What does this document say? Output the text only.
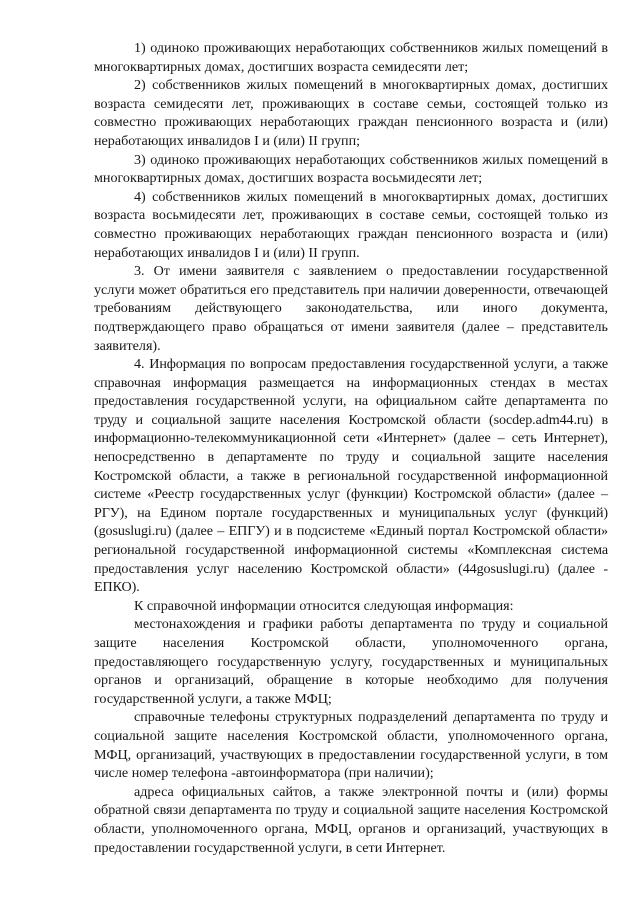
1) одиноко проживающих неработающих собственников жилых помещений в многоквартирных домах, достигших возраста семидесяти лет;

2) собственников жилых помещений в многоквартирных домах, достигших возраста семидесяти лет, проживающих в составе семьи, состоящей только из совместно проживающих неработающих граждан пенсионного возраста и (или) неработающих инвалидов I и (или) II групп;

3) одиноко проживающих неработающих собственников жилых помещений в многоквартирных домах, достигших возраста восьмидесяти лет;

4) собственников жилых помещений в многоквартирных домах, достигших возраста восьмидесяти лет, проживающих в составе семьи, состоящей только из совместно проживающих неработающих граждан пенсионного возраста и (или) неработающих инвалидов I и (или) II групп.

3. От имени заявителя с заявлением о предоставлении государственной услуги может обратиться его представитель при наличии доверенности, отвечающей требованиям действующего законодательства, или иного документа, подтверждающего право обращаться от имени заявителя (далее – представитель заявителя).

4. Информация по вопросам предоставления государственной услуги, а также справочная информация размещается на информационных стендах в местах предоставления государственной услуги, на официальном сайте департамента по труду и социальной защите населения Костромской области (socdep.adm44.ru) в информационно-телекоммуникационной сети «Интернет» (далее – сеть Интернет), непосредственно в департаменте по труду и социальной защите населения Костромской области, а также в региональной государственной информационной системе «Реестр государственных услуг (функции) Костромской области» (далее – РГУ), на Едином портале государственных и муниципальных услуг (функций) (gosuslugi.ru) (далее – ЕПГУ) и в подсистеме «Единый портал Костромской области» региональной государственной информационной системы «Комплексная система предоставления услуг населению Костромской области» (44gosuslugi.ru) (далее - ЕПКО).

К справочной информации относится следующая информация:

местонахождения и графики работы департамента по труду и социальной защите населения Костромской области, уполномоченного органа, предоставляющего государственную услугу, государственных и муниципальных органов и организаций, обращение в которые необходимо для получения государственной услуги, а также МФЦ;

справочные телефоны структурных подразделений департамента по труду и социальной защите населения Костромской области, уполномоченного органа, МФЦ, организаций, участвующих в предоставлении государственной услуги, в том числе номер телефона -автоинформатора (при наличии);

адреса официальных сайтов, а также электронной почты и (или) формы обратной связи департамента по труду и социальной защите населения Костромской области, уполномоченного органа, МФЦ, органов и организаций, участвующих в предоставлении государственной услуги, в сети Интернет.
